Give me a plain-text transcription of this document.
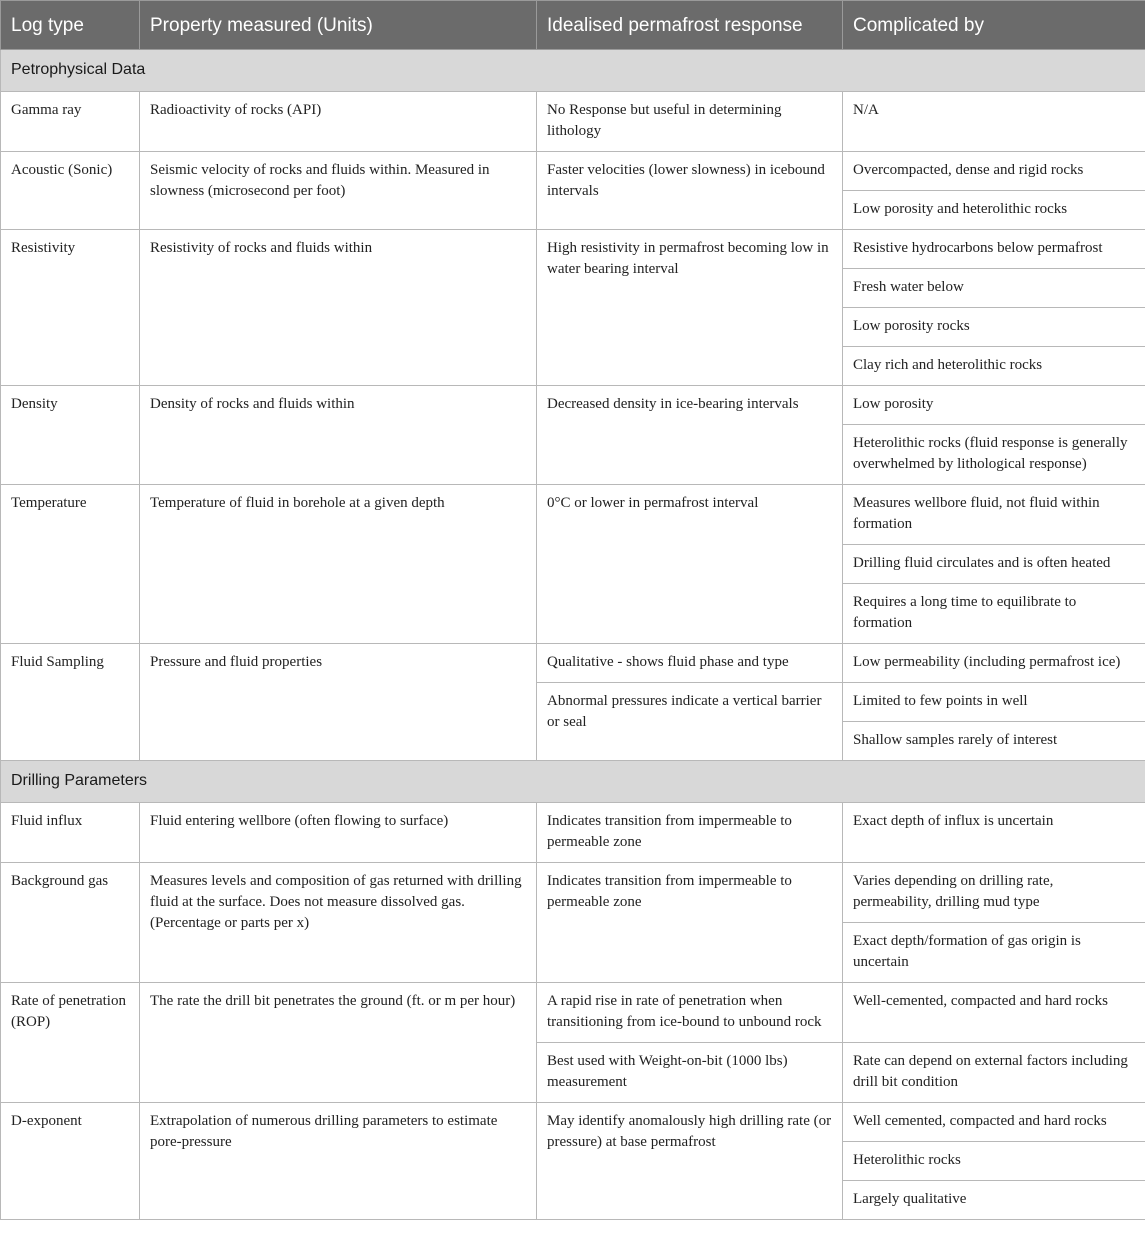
Log type	Property measured (Units)	Idealised permafrost response	Complicated by
Petrophysical Data			
Gamma ray	Radioactivity of rocks (API)	No Response but useful in determining lithology	N/A
Acoustic (Sonic)	Seismic velocity of rocks and fluids within. Measured in slowness (microsecond per foot)	Faster velocities (lower slowness) in icebound intervals	Overcompacted, dense and rigid rocks
			Low porosity and heterolithic rocks
Resistivity	Resistivity of rocks and fluids within	High resistivity in permafrost becoming low in water bearing interval	Resistive hydrocarbons below permafrost
			Fresh water below
			Low porosity rocks
			Clay rich and heterolithic rocks
Density	Density of rocks and fluids within	Decreased density in ice-bearing intervals	Low porosity
			Heterolithic rocks (fluid response is generally overwhelmed by lithological response)
Temperature	Temperature of fluid in borehole at a given depth	0°C or lower in permafrost interval	Measures wellbore fluid, not fluid within formation
			Drilling fluid circulates and is often heated
			Requires a long time to equilibrate to formation
Fluid Sampling	Pressure and fluid properties	Qualitative - shows fluid phase and type	Low permeability (including permafrost ice)
		Abnormal pressures indicate a vertical barrier or seal	Limited to few points in well
			Shallow samples rarely of interest
Drilling Parameters			
Fluid influx	Fluid entering wellbore (often flowing to surface)	Indicates transition from impermeable to permeable zone	Exact depth of influx is uncertain
Background gas	Measures levels and composition of gas returned with drilling fluid at the surface. Does not measure dissolved gas. (Percentage or parts per x)	Indicates transition from impermeable to permeable zone	Varies depending on drilling rate, permeability, drilling mud type
			Exact depth/formation of gas origin is uncertain
Rate of penetration (ROP)	The rate the drill bit penetrates the ground (ft. or m per hour)	A rapid rise in rate of penetration when transitioning from ice-bound to unbound rock	Well-cemented, compacted and hard rocks
		Best used with Weight-on-bit (1000 lbs) measurement	Rate can depend on external factors including drill bit condition
D-exponent	Extrapolation of numerous drilling parameters to estimate pore-pressure	May identify anomalously high drilling rate (or pressure) at base permafrost	Well cemented, compacted and hard rocks
			Heterolithic rocks
			Largely qualitative
